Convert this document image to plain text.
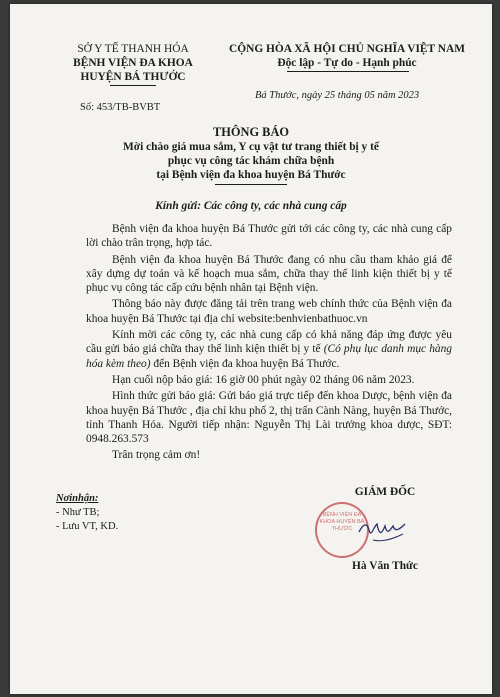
SỞ Y TẾ THANH HÓA
BỆNH VIỆN ĐA KHOA
HUYỆN BÁ THƯỚC
Số: 453/TB-BVBT
CỘNG HÒA XÃ HỘI CHỦ NGHĨA VIỆT NAM
Độc lập - Tự do - Hạnh phúc
Bá Thước, ngày 25 tháng 05 năm 2023
THÔNG BÁO
Mời chào giá mua sắm, Y cụ vật tư trang thiết bị y tế
phục vụ công tác khám chữa bệnh
tại Bệnh viện đa khoa huyện Bá Thước
Kính gửi: Các công ty, các nhà cung cấp

Bệnh viện đa khoa huyện Bá Thước gửi tới các công ty, các nhà cung cấp lời chào trân trọng, hợp tác.

Bệnh viện đa khoa huyện Bá Thước đang có nhu cầu tham khảo giá để xây dựng dự toán và kế hoạch mua sắm, chữa thay thế linh kiện thiết bị y tế phục vụ công tác cấp cứu bệnh nhân tại Bệnh viện.

Thông báo này được đăng tải trên trang web chính thức của Bệnh viện đa khoa huyện Bá Thước tại địa chỉ website:benhvienbathuoc.vn

Kính mời các công ty, các nhà cung cấp có khả năng đáp ứng được yêu cầu gửi báo giá chữa thay thế linh kiện thiết bị y tế (Có phụ lục danh mục hàng hóa kèm theo) đến Bệnh viện đa khoa huyện Bá Thước.

Hạn cuối nộp báo giá: 16 giờ 00 phút ngày 02 tháng 06 năm 2023.

Hình thức gửi báo giá: Gửi báo giá trực tiếp đến khoa Dược, bệnh viện đa khoa huyện Bá Thước , địa chỉ khu phố 2, thị trấn Cành Nàng, huyện Bá Thước, tỉnh Thanh Hóa. Người tiếp nhận: Nguyễn Thị Lài trưởng khoa dược, SĐT: 0948.263.573

Trân trọng cảm ơn!

Nơinhận:
- Như TB;
- Lưu VT, KD.
GIÁM ĐỐC
BỆNH VIỆN ĐA KHOA HUYỆN BÁ THƯỚC
Hà Văn Thức
